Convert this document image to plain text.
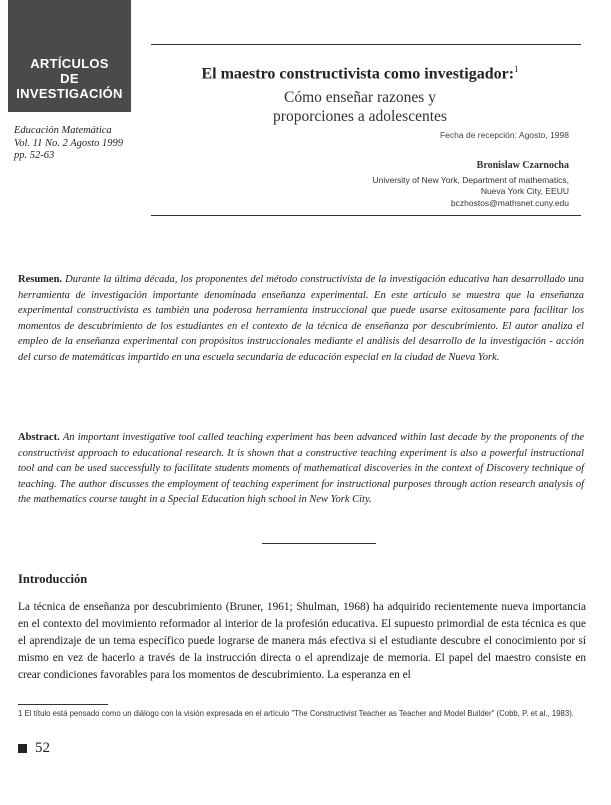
ARTÍCULOS
DE
INVESTIGACIÓN
Educación Matemática
Vol. 11 No. 2 Agosto 1999
pp. 52-63
El maestro constructivista como investigador:$^1$
Cómo enseñar razones y
proporciones a adolescentes
Fecha de recepción: Agosto, 1998
Bronislaw Czarnocha
University of New York, Department of mathematics,
Nueva York City, EEUU
bczhostos@mathsnet.cuny.edu
Resumen. Durante la última década, los proponentes del método constructivista de la investigación educativa han desarrollado una herramienta de investigación importante denominada enseñanza experimental. En este artículo se muestra que la enseñanza experimental constructivista es también una poderosa herramienta instruccional que puede usarse exitosamente para facilitar los momentos de descubrimiento de los estudiantes en el contexto de la técnica de enseñanza por descubrimiento. El autor analiza el empleo de la enseñanza experimental con propósitos instruccionales mediante el análisis del desarrollo de la investigación - acción del curso de matemáticas impartido en una escuela secundaria de educación especial en la ciudad de Nueva York.
Abstract. An important investigative tool called teaching experiment has been advanced within last decade by the proponents of the constructivist approach to educational research. It is shown that a constructive teaching experiment is also a powerful instructional tool and can be used successfully to facilitate students moments of mathematical discoveries in the context of Discovery technique of teaching. The author discusses the employment of teaching experiment for instructional purposes through action research analysis of the mathematics course taught in a Special Education high school in New York City.
Introducción
La técnica de enseñanza por descubrimiento (Bruner, 1961; Shulman, 1968) ha adquirido recientemente nueva importancia en el contexto del movimiento reformador al interior de la profesión educativa. El supuesto primordial de esta técnica es que el aprendizaje de un tema específico puede lograrse de manera más efectiva si el estudiante descubre el conocimiento por sí mismo en vez de hacerlo a través de la instrucción directa o el aprendizaje de memoria. El papel del maestro consiste en crear condiciones favorables para los momentos de descubrimiento. La esperanza en el
1 El título está pensado como un diálogo con la visión expresada en el artículo "The Constructivist Teacher as Teacher and Model Builder" (Cobb, P. et al., 1983).
52
